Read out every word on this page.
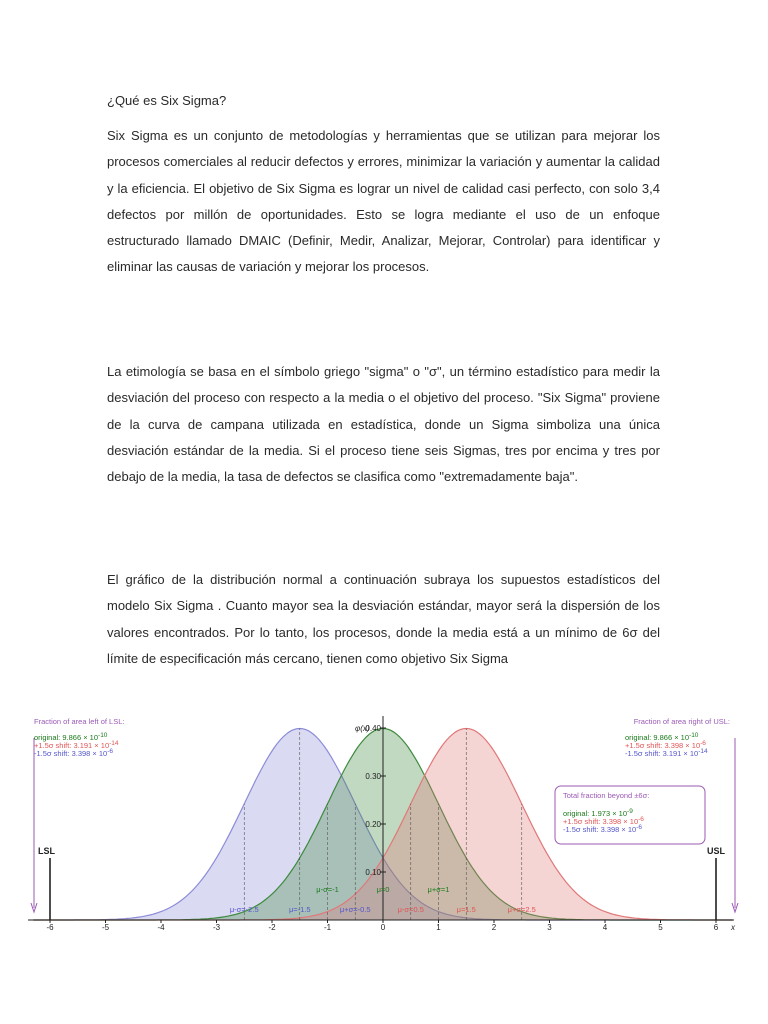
¿Qué es Six Sigma?

Six Sigma es un conjunto de metodologías y herramientas que se utilizan para mejorar los procesos comerciales al reducir defectos y errores, minimizar la variación y aumentar la calidad y la eficiencia. El objetivo de Six Sigma es lograr un nivel de calidad casi perfecto, con solo 3,4 defectos por millón de oportunidades. Esto se logra mediante el uso de un enfoque estructurado llamado DMAIC (Definir, Medir, Analizar, Mejorar, Controlar) para identificar y eliminar las causas de variación y mejorar los procesos.

La etimología se basa en el símbolo griego "sigma" o "σ", un término estadístico para medir la desviación del proceso con respecto a la media o el objetivo del proceso. "Six Sigma" proviene de la curva de campana utilizada en estadística, donde un Sigma simboliza una única desviación estándar de la media. Si el proceso tiene seis Sigmas, tres por encima y tres por debajo de la media, la tasa de defectos se clasifica como "extremadamente baja".

El gráfico de la distribución normal a continuación subraya los supuestos estadísticos del modelo Six Sigma . Cuanto mayor sea la desviación estándar, mayor será la dispersión de los valores encontrados. Por lo tanto, los procesos, donde la media está a un mínimo de 6σ del límite de especificación más cercano, tienen como objetivo Six Sigma

-6	-5	-4	-3	-2	-1	0	1	2	3	4	5	6 x
0.10
0.20
0.30
0.40
φ(x)
LSL	USL
μ-σ=-1	μ=0	μ+σ=1
μ-σ=-2.5	μ=-1.5	μ+σ=-0.5	μ-σ=0.5	μ=1.5	μ+σ=2.5
Fraction of area left of LSL:
original: 9.866 × 10-10
+1.5σ shift: 3.191 × 10-14
-1.5σ shift: 3.398 × 10-6
Fraction of area right of USL:
original: 9.866 × 10-10
+1.5σ shift: 3.398 × 10-6
-1.5σ shift: 3.191 × 10-14
Total fraction beyond ±6σ:
original: 1.973 × 10-9
+1.5σ shift: 3.398 × 10-6
-1.5σ shift: 3.398 × 10-6
